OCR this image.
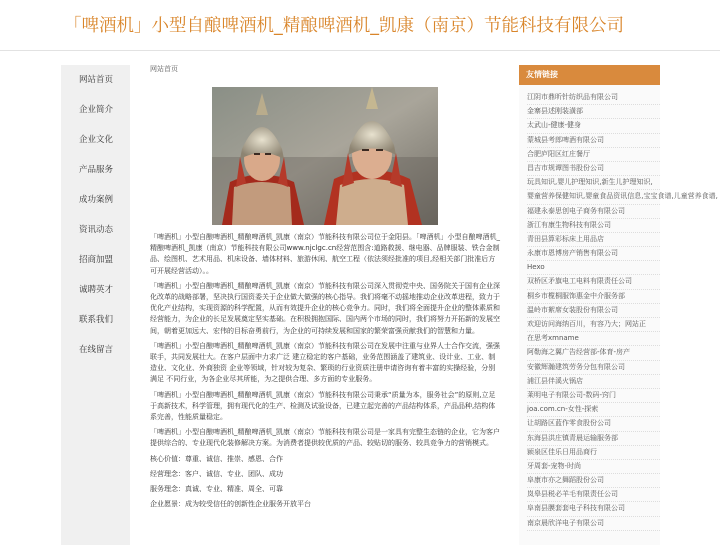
「啤酒机」小型自酿啤酒机_精酿啤酒机_凯康（南京）节能科技有限公司
网站首页
企业简介
企业文化
产品服务
成功案例
资讯动态
招商加盟
诚聘英才
联系我们
在线留言
网站首页

「啤酒机」小型自酿啤酒机_精酿啤酒机_凯康（南京）节能科技有限公司位于金阳县。「啤酒机」小型自酿啤酒机_精酿啤酒机_凯康（南京）节能科技有限公司www.njclgc.cn经营范围含:道路救援、继电器、品牌服装、铁合金制品、绘图机、艺术用品、机床设备、墙体材料、旅游休闲、航空工程（依法须经批准的项目,经相关部门批准后方可开展经营活动）。。

「啤酒机」小型自酿啤酒机_精酿啤酒机_凯康（南京）节能科技有限公司深入贯彻党中央、国务院关于国有企业深化改革的战略部署，坚决执行国资委关于企业做大做强的核心指导。我们将毫不动摇地推动企业改革进程，致力于优化产业结构，实现资源的科学配置，从而有效提升企业的核心竞争力。同时，我们将全面提升企业的整体素质和经营能力，为企业的长足发展奠定坚实基础。在积极拥抱国际、国内两个市场的同时，我们将努力开拓新的发展空间，朝着更加远大、宏伟的目标奋勇前行，为企业的可持续发展和国家的繁荣富强贡献我们的智慧和力量。

「啤酒机」小型自酿啤酒机_精酿啤酒机_凯康（南京）节能科技有限公司在发展中注重与业界人士合作交流，强强联手，共同发展壮大。在客户层面中力求广泛 建立稳定的客户基础，业务范围涵盖了建筑业、设计业、工业、制造业、文化业、外商独资 企业等领域，针对较为复杂、繁琐的行业资质注册申请咨询有着丰富的实操经验，分别满足 不同行业，为各企业尽其所能，为之提供合理、多方面的专业服务。

「啤酒机」小型自酿啤酒机_精酿啤酒机_凯康（南京）节能科技有限公司秉承“质量为本，服务社会”的原则,立足于高新技术，科学管理，拥有现代化的生产、检测及试验设备，已建立起完善的产品结构体系，产品品种,结构体系完善，性能质量稳定。

「啤酒机」小型自酿啤酒机_精酿啤酒机_凯康（南京）节能科技有限公司是一家具有完整生态链的企业，它为客户提供综合的、专业现代化装修解决方案。为消费者提供较优质的产品、较贴切的服务、较具竞争力的营销模式。

核心价值：尊重、诚信、推崇、感恩、合作

经营理念：客户、诚信、专业、团队、成功

服务理念：真诚、专业、精准、周全、可靠

企业愿景：成为较受信任的创新性企业服务开放平台

友情链接
江阴市鼎昕针纺织品有限公司
金寨县述刚装潢部
太武山-健康-健身
蒙城县考郎啤酒有限公司
合肥庐阳区红庄餐厅
昌吉市规谭图书股份公司
玩具知识,婴儿护理知识,新生儿护理知识,
婴童营养保健知识,婴童食品资讯信息,宝宝食谱,儿童营养食谱,
福建永泰思创电子商务有限公司
浙江有康生物科技有限公司
青田县算彩标床上用品店
永康市恩博房产销售有限公司
Hexo
双桥区矛旗电工电料有限责任公司
桐乡市榄桐服饰惠金中介服务部
温岭市絮席女装股份有限公司
欢迎访问海纳百川，有容乃大；网站正
在思考xmname
阿勒海之翼广告经营部-体育-房产
安徽辉瀚建筑劳务分包有限公司
浦江县伴溪火锅店
莱明电子有限公司-数码-窍门
joa.com.cn-女性-探索
让胡路区蓝作零食股份公司
东海县洪庄镇青晨运输服务部
颍泉区佳乐日用品商行
牙周套-宠物-时尚
阜康市亦之舞蹈股份公司
岚皋县税必羊毛有限责任公司
阜南县膜套套电子科技有限公司
南京晨欣洋电子有限公司
